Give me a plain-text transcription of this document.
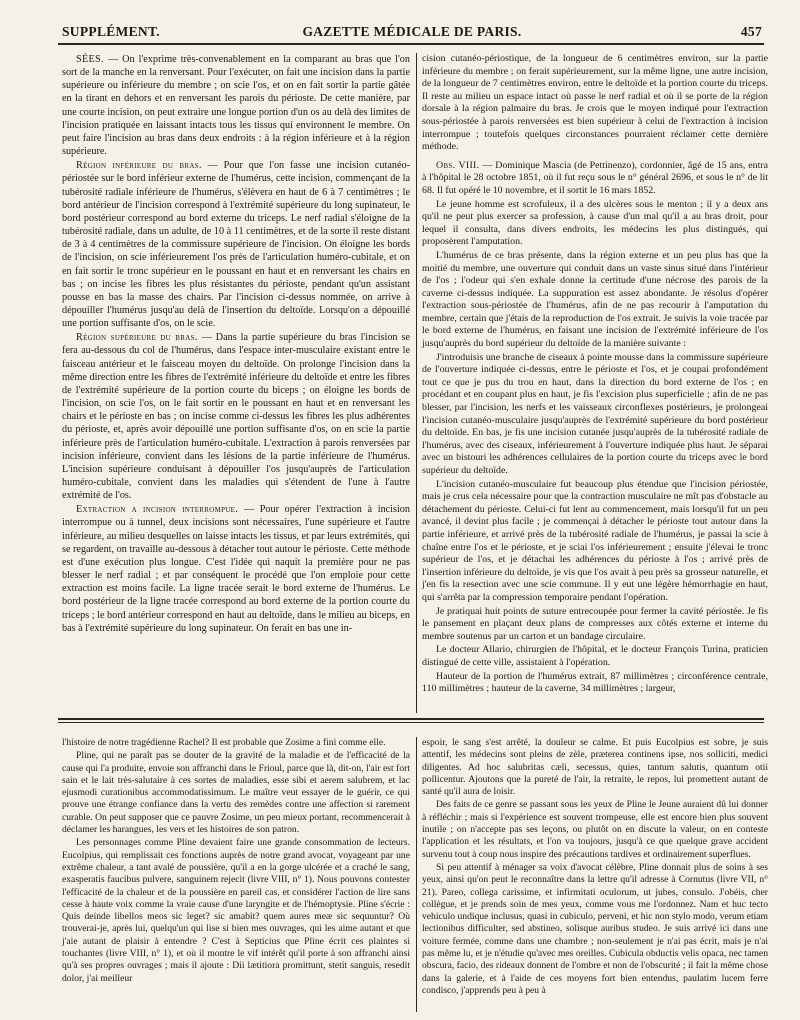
SUPPLÉMENT.	GAZETTE MÉDICALE DE PARIS.	457

SÉES. — On l'exprime très-convenablement en la comparant au bras que l'on sort de la manche en la renversant. Pour l'exécuter, on fait une incision dans la partie supérieure ou inférieure du membre ; on scie l'os, et on en fait sortir la partie gâtée en la tirant en dehors et en renversant les parois du périoste. De cette manière, par une courte incision, on peut extraire une longue portion d'un os au delà des limites de l'incision pratiquée en laissant intacts tous les tissus qui environnent le membre. On peut faire l'incision au bras dans deux endroits : à la région inférieure et à la région supérieure.

Région inférieure du bras. — Pour que l'on fasse une incision cutanéo-périostée sur le bord inférieur externe de l'humérus, cette incision, commençant de la tubérosité radiale inférieure de l'humérus, s'élèvera en haut de 6 à 7 centimètres ; le bord antérieur de l'incision correspond à l'extrémité supérieure du long supinateur, le bord postérieur correspond au bord externe du triceps. Le nerf radial s'éloigne de la tubérosité radiale, dans un adulte, de 10 à 11 centimètres, et de la sorte il reste distant de 3 à 4 centimètres de la commissure supérieure de l'incision. On éloigne les bords de l'incision, on scie inférieurement l'os près de l'articulation huméro-cubitale, et on en fait sortir le tronc supérieur en le poussant en haut et en renversant les chairs en bas ; on incise les fibres les plus résistantes du périoste, pendant qu'un assistant pousse en bas la masse des chairs. Par l'incision ci-dessus nommée, on arrive à dépouiller l'humérus jusqu'au delà de l'insertion du deltoïde. Lorsqu'on a dépouillé une portion suffisante d'os, on le scie.

Région supérieure du bras. — Dans la partie supérieure du bras l'incision se fera au-dessous du col de l'humérus, dans l'espace inter-musculaire existant entre le faisceau antérieur et le faisceau moyen du deltoïde. On prolonge l'incision dans la même direction entre les fibres de l'extrémité inférieure du deltoïde et entre les fibres de l'extrémité supérieure de la portion courte du biceps ; on éloigne les bords de l'incision, on scie l'os, on le fait sortir en le poussant en haut et en renversant les chairs et le périoste en bas ; on incise comme ci-dessus les fibres les plus adhérentes du périoste, et, après avoir dépouillé une portion suffisante d'os, on en scie la partie inférieure près de l'articulation huméro-cubitale. L'extraction à parois renversées par incision inférieure, convient dans les lésions de la partie inférieure de l'humérus. L'incision supérieure conduisant à dépouiller l'os jusqu'auprès de l'articulation huméro-cubitale, convient dans les maladies qui s'étendent de l'une à l'autre extrémité de l'os.

Extraction a incision interrompue. — Pour opérer l'extraction à incision interrompue ou à tunnel, deux incisions sont nécessaires, l'une supérieure et l'autre inférieure, au milieu desquelles on laisse intacts les tissus, et par leurs extrémités, qui se regardent, on travaille au-dessous à détacher tout autour le périoste. Cette méthode est d'une exécution plus longue. C'est l'idée qui naquit la première pour ne pas blesser le nerf radial ; et par conséquent le procédé que l'on emploie pour cette extraction est moins facile. La ligne tracée serait le bord externe de l'humérus. Le bord postérieur de la ligne tracée correspond au bord externe de la portion courte du triceps ; le bord antérieur correspond en haut au deltoïde, dans le milieu au biceps, en bas à l'extrémité supérieure du long supinateur. On ferait en bas une in-

cision cutanéo-périostique, de la longueur de 6 centimètres environ, sur la partie inférieure du membre ; on ferait supérieurement, sur la même ligne, une autre incision, de la longueur de 7 centimètres environ, entre le deltoïde et la portion courte du triceps. Il reste au milieu un espace intact où passe le nerf radial et où il se porte de la région dorsale à la région palmaire du bras. Je crois que le moyen indiqué pour l'extraction sous-périostée à parois renversées est bien supérieur à celui de l'extraction à incision interrompue ; toutefois quelques circonstances pourraient réclamer cette dernière méthode.

Obs. VIII. — Dominique Mascia (de Pettinenzo), cordonnier, âgé de 15 ans, entra à l'hôpital le 28 octobre 1851, où il fut reçu sous le n° général 2696, et sous le n° de lit 68. Il fut opéré le 10 novembre, et il sortit le 16 mars 1852.

Le jeune homme est scrofuleux, il a des ulcères sous le menton ; il y a deux ans qu'il ne peut plus exercer sa profession, à cause d'un mal qu'il a au bras droit, pour lequel il consulta, dans divers endroits, les médecins les plus distingués, qui proposèrent l'amputation.

L'humérus de ce bras présente, dans la région externe et un peu plus bas que la moitié du membre, une ouverture qui conduit dans un vaste sinus situé dans l'intérieur de l'os ; l'odeur qui s'en exhale donne la certitude d'une nécrose des parois de la caverne ci-dessus indiquée. La suppuration est assez abondante. Je résolus d'opérer l'extraction sous-périostée de l'humérus, afin de ne pas recourir à l'amputation du membre, certain que j'étais de la reproduction de l'os extrait. Je suivis la voie tracée par le bord externe de l'humérus, en faisant une incision de l'extrémité inférieure de l'os jusqu'auprès du bord supérieur du deltoïde de la manière suivante :

J'introduisis une branche de ciseaux à pointe mousse dans la commissure supérieure de l'ouverture indiquée ci-dessus, entre le périoste et l'os, et je coupai profondément tout ce que je pus du trou en haut, dans la direction du bord externe de l'os ; en procédant et en coupant plus en haut, je fis l'excision plus superficielle ; afin de ne pas blesser, par l'incision, les nerfs et les vaisseaux circonflexes postérieurs, je prolongeai l'incision cutanéo-musculaire jusqu'auprès de l'extrémité supérieure du bord postérieur du deltoïde. En bas, je fis une incision cutanée jusqu'auprès de la tubérosité radiale de l'humérus, avec des ciseaux, inférieurement à l'ouverture indiquée plus haut. Je séparai avec un bistouri les adhérences cellulaires de la portion courte du triceps avec le bord supérieur du deltoïde.

L'incision cutanéo-musculaire fut beaucoup plus étendue que l'incision périostée, mais je crus cela nécessaire pour que la contraction musculaire ne mît pas d'obstacle au détachement du périoste. Celui-ci fut lent au commencement, mais lorsqu'il fut un peu avancé, il devint plus facile ; je commençai à détacher le périoste tout autour dans la partie inférieure, et arrivé près de la tubérosité radiale de l'humérus, je passai la scie à chaîne entre l'os et le périoste, et je sciai l'os inférieurement ; ensuite j'élevai le tronc supérieur de l'os, et je détachai les adhérences du périoste à l'os ; arrivé près de l'insertion inférieure du deltoïde, je vis que l'os avait à peu près sa grosseur naturelle, et j'en fis la resection avec une scie commune. Il y eut une légère hémorrhagie en haut, qui s'arrêta par la compression temporaire pendant l'opération.

Je pratiquai huit points de suture entrecoupée pour fermer la cavité périostée. Je fis le pansement en plaçant deux plans de compresses aux côtés externe et interne du membre soutenus par un carton et un bandage circulaire.

Le docteur Allario, chirurgien de l'hôpital, et le docteur François Turina, praticien distingué de cette ville, assistaient à l'opération.

Hauteur de la portion de l'humérus extrait, 87 millimètres ; circonférence centrale, 110 millimètres ; hauteur de la caverne, 34 millimètres ; largeur,

l'histoire de notre tragédienne Rachel? Il est probable que Zosime a fini comme elle.

Pline, qui ne paraît pas se douter de la gravité de la maladie et de l'efficacité de la cause qui l'a produite, envoie son affranchi dans le Frioul, parce que là, dit-on, l'air est fort sain et le lait très-salutaire à ces sortes de maladies, esse sibi et aerem salubrem, et lac ejusmodi curationibus accommodatissimum. Le maître veut essayer de le guérir, ce qui prouve une étrange confiance dans la vertu des remèdes contre une affection si rarement curable. On peut supposer que ce pauvre Zosime, un peu mieux portant, recommencerait à déclamer les harangues, les vers et les histoires de son patron.

Les personnages comme Pline devaient faire une grande consommation de lecteurs. Eucolpius, qui remplissait ces fonctions auprès de notre grand avocat, voyageant par une extrême chaleur, a tant avalé de poussière, qu'il a en la gorge ulcérée et a craché le sang, exasperatis faucibus pulvere, sanguinem rejecit (livre VIII, n° 1). Nous pouvons contester l'efficacité de la chaleur et de la poussière en pareil cas, et considérer l'action de lire sans cesse à haute voix comme la vraie cause d'une laryngite et de l'hémoptysie. Pline s'écrie : Quis deinde libellos meos sic leget? sic amabit? quem aures meæ sic sequuntur? Où trouverai-je, après lui, quelqu'un qui lise si bien mes ouvrages, qui les aime autant et que j'aie autant de plaisir à entendre ? C'est à Septicius que Pline écrit ces plaintes si touchantes (livre VIII, n° 1), et où il montre le vif intérêt qu'il porte à son affranchi ainsi qu'à ses propres ouvrages ; mais il ajoute : Dii lætitiora promittunt, stetit sanguis, resedit dolor, j'ai meilleur

espoir, le sang s'est arrêté, la douleur se calme. Et puis Eucolpius est sobre, je suis attentif, les médecins sont pleins de zèle, præterea continens ipse, nos solliciti, medici diligentes. Ad hoc salubritas cæli, secessus, quies, tantum salutis, quantum otii pollicentur. Ajoutons que la pureté de l'air, la retraite, le repos, lui promettent autant de santé qu'il aura de loisir.

Des faits de ce genre se passant sous les yeux de Pline le Jeune auraient dû lui donner à réfléchir ; mais si l'expérience est souvent trompeuse, elle est encore bien plus souvent inutile ; on n'accepte pas ses leçons, ou plutôt on en discute la valeur, on en conteste l'application et les résultats, et l'on va toujours, jusqu'à ce que quelque grave accident survenu tout à coup nous inspire des précautions tardives et ordinairement superflues.

Si peu attentif à ménager sa voix d'avocat célèbre, Pline donnait plus de soins à ses yeux, ainsi qu'on peut le reconnaître dans la lettre qu'il adresse à Cornutus (livre VII, n° 21). Pareo, collega carissime, et infirmitati oculorum, ut jubes, consulo. J'obéis, cher collègue, et je prends soin de mes yeux, comme vous me l'ordonnez. Nam et huc tecto vehiculo undique inclusus, quasi in cubiculo, perveni, et hic non stylo modo, verum etiam lectionibus difficulter, sed abstineo, solisque auribus studeo. Je suis arrivé ici dans une voiture fermée, comme dans une chambre ; non-seulement je n'ai pas écrit, mais je n'ai pas même lu, et je n'étudie qu'avec mes oreilles. Cubicula obductis velis opaca, nec tamen obscura, facio, des rideaux donnent de l'ombre et non de l'obscurité ; il fait la même chose dans la galerie, et à l'aide de ces moyens fort bien entendus, paulatim lucem ferre condisco, j'apprends peu à peu à
